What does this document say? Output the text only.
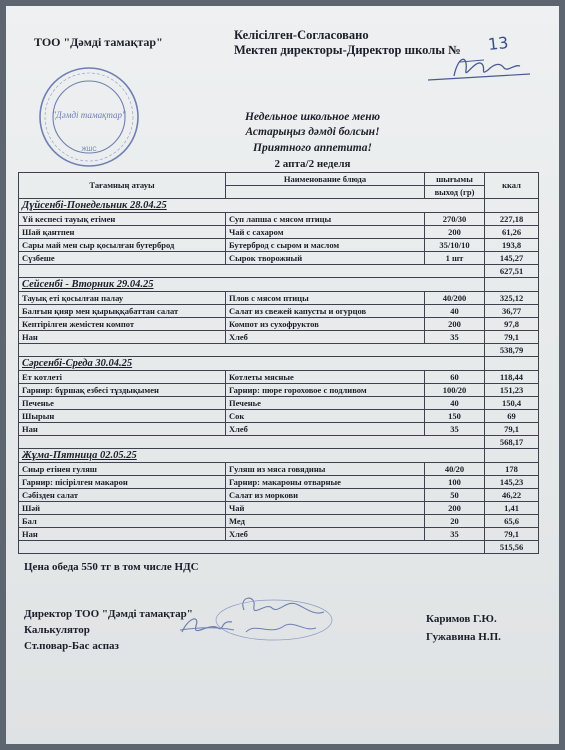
ТОО "Дәмді тамақтар"	Келісілген-Согласовано
Мектеп директоры-Директор школы № 13
"Дәмді тамақтар"
ЖШС
Недельное школьное меню
Астарыңыз дәмді болсын!
Приятного аппетита!
2 апта/2 неделя
Тағамның атауы	Наименование блюда	шығымы	ккал
		выход (гр)	
Дүйсенбі-Понедельник 28.04.25			
Үй кеспесі тауық етімен	Суп лапша с мясом птицы	270/30	227,18
Шай қантпен	Чай с сахаром	200	61,26
Сары май мен сыр қосылған бутерброд	Бутерброд с сыром и маслом	35/10/10	193,8
Сүзбеше	Сырок творожный	1 шт	145,27
			627,51
Сейсенбі - Вторник 29.04.25			
Тауық еті қосылған палау	Плов с мясом птицы	40/200	325,12
Балғын қияр мен қырыққабаттан салат	Салат из свежей капусты и огурцов	40	36,77
Кептірілген жемістен компот	Компот из сухофруктов	200	97,8
Нан	Хлеб	35	79,1
			538,79
Сәрсенбі-Среда 30.04.25			
Ет котлеті	Котлеты мясные	60	118,44
Гарнир: бұршақ езбесі тұздықымен	Гарнир: пюре гороховое с подливом	100/20	151,23
Печенье	Печенье	40	150,4
Шырын	Сок	150	69
Нан	Хлеб	35	79,1
			568,17
Жұма-Пятница 02.05.25			
Сиыр етінен гуляш	Гуляш из мяса говядины	40/20	178
Гарнир: пісірілген макарон	Гарнир: макароны отварные	100	145,23
Сәбізден салат	Салат из моркови	50	46,22
Шәй	Чай	200	1,41
Бал	Мед	20	65,6
Нан	Хлеб	35	79,1
			515,56
Цена обеда 550 тг в том числе НДС
Директор ТОО "Дәмді тамақтар"
Калькулятор
Ст.повар-Бас аспаз
Каримов Г.Ю.
Гужавина Н.П.
